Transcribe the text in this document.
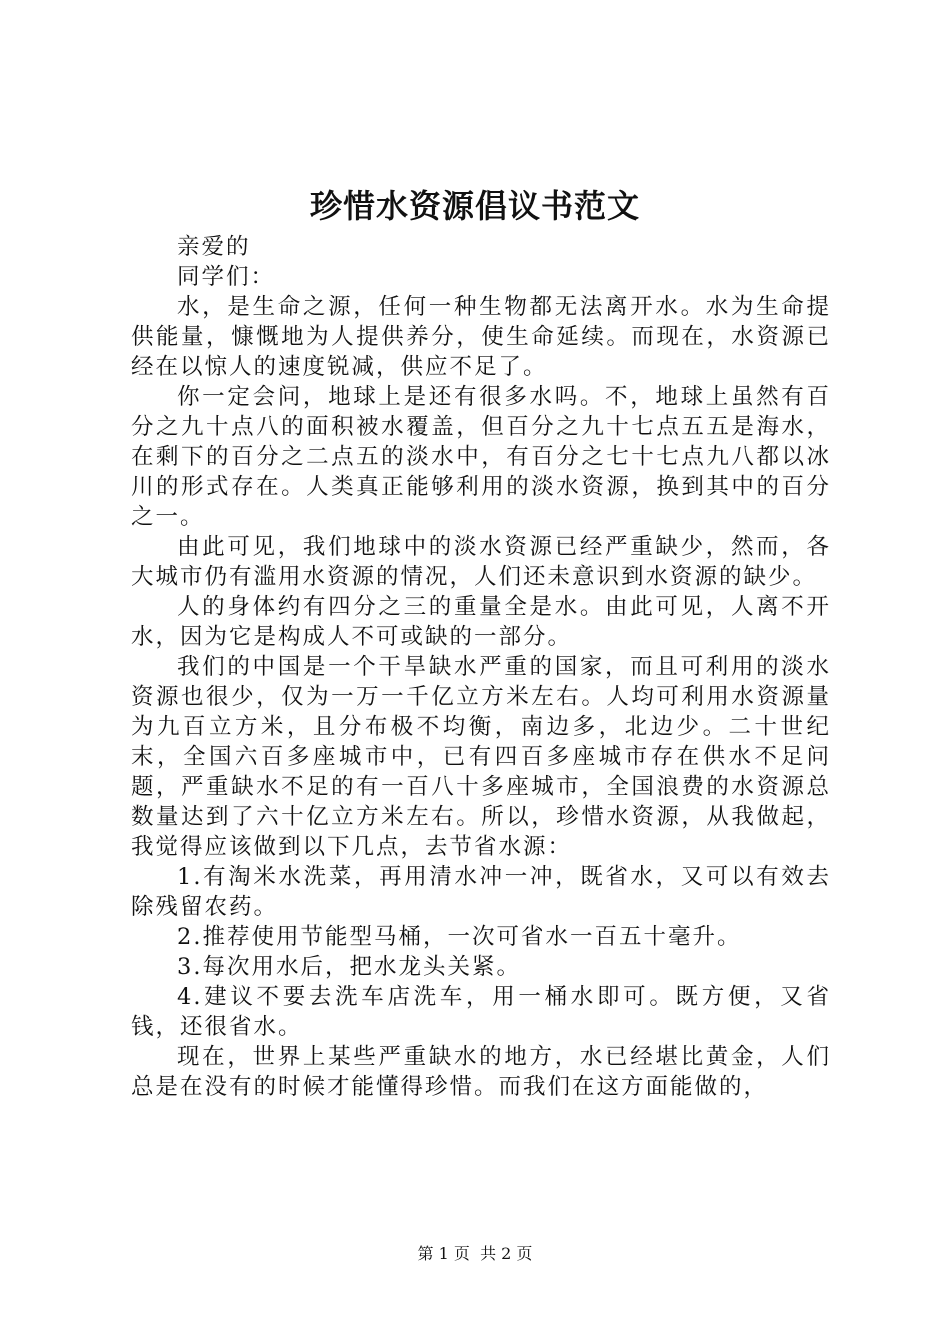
珍惜水资源倡议书范文

亲爱的

同学们：

水，是生命之源，任何一种生物都无法离开水。水为生命提供能量，慷慨地为人提供养分，使生命延续。而现在，水资源已经在以惊人的速度锐减，供应不足了。

你一定会问，地球上是还有很多水吗。不，地球上虽然有百分之九十点八的面积被水覆盖，但百分之九十七点五五是海水，在剩下的百分之二点五的淡水中，有百分之七十七点九八都以冰川的形式存在。人类真正能够利用的淡水资源，换到其中的百分之一。

由此可见，我们地球中的淡水资源已经严重缺少，然而，各大城市仍有滥用水资源的情况，人们还未意识到水资源的缺少。

人的身体约有四分之三的重量全是水。由此可见，人离不开水，因为它是构成人不可或缺的一部分。

我们的中国是一个干旱缺水严重的国家，而且可利用的淡水资源也很少，仅为一万一千亿立方米左右。人均可利用水资源量为九百立方米，且分布极不均衡，南边多，北边少。二十世纪末，全国六百多座城市中，已有四百多座城市存在供水不足问题，严重缺水不足的有一百八十多座城市，全国浪费的水资源总数量达到了六十亿立方米左右。所以，珍惜水资源，从我做起，我觉得应该做到以下几点，去节省水源：

1.有淘米水洗菜，再用清水冲一冲，既省水，又可以有效去除残留农药。

2.推荐使用节能型马桶，一次可省水一百五十毫升。

3.每次用水后，把水龙头关紧。

4.建议不要去洗车店洗车，用一桶水即可。既方便，又省钱，还很省水。

现在，世界上某些严重缺水的地方，水已经堪比黄金，人们总是在没有的时候才能懂得珍惜。而我们在这方面能做的，

第 1 页  共 2 页
